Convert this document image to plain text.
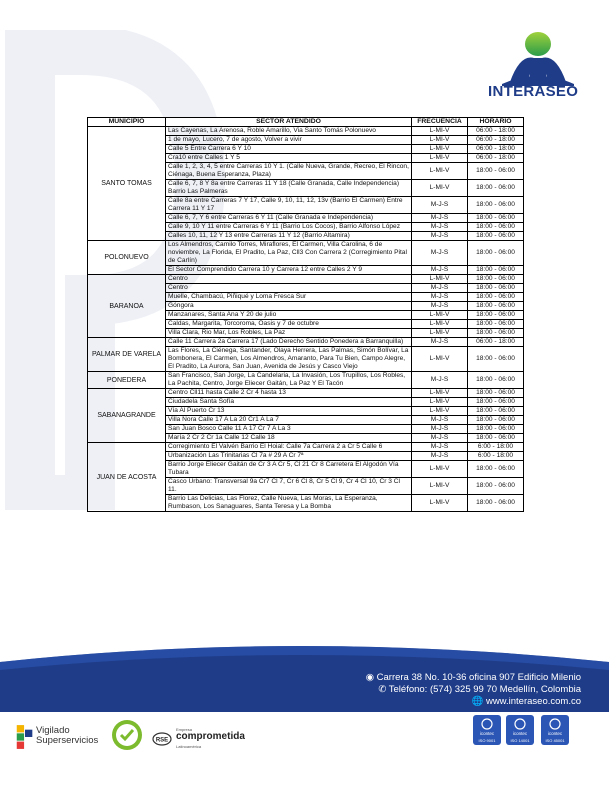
INTERASEO
MUNICIPIO	SECTOR ATENDIDO	FRECUENCIA	HORARIO
SANTO TOMAS	Las Cayenas, La Arenosa, Roble Amarillo, Via Santo Tomás Polonuevo	L-MI-V	06:00 - 18:00
	1 de mayo, Lucero, 7 de agosto, Volver a vivir	L-MI-V	06:00 - 18:00
	Calle 5 Entre Carrera 6 Y 10	L-MI-V	06:00 - 18:00
	Cra10 entre Calles 1 Y 5	L-MI-V	06:00 - 18:00
	Calle 1, 2, 3, 4, 5 entre Carreras 10 Y 1. (Calle Nueva, Grande, Recreo, El Rincon, Ciénaga, Buena Esperanza, Plaza)	L-MI-V	18:00 - 06:00
	Calle 6, 7, 8 Y 8a entre Carreras 11 Y 18 (Calle Granada, Calle Independencia) Barrio Las Palmeras	L-MI-V	18:00 - 06:00
	Calle 8a entre Carreras 7 Y 17, Calle 9, 10, 11, 12, 13v (Barrio El Carmen) Entre Carrera 11 Y 17	M-J-S	18:00 - 06:00
	Calle 6, 7, Y 6 entre Carreras 6 Y 11 (Calle Granada e Independencia)	M-J-S	18:00 - 06:00
	Calle 9, 10 Y 11 entre Carreras 6 Y 11 (Barrio Los Cocos), Barrio Alfonso López	M-J-S	18:00 - 06:00
	Calles 10, 11, 12 Y 13 entre Carreras 11 Y 12 (Barrio Altamira)	M-J-S	18:00 - 06:00
POLONUEVO	Los Almendros, Camilo Torres, Miraflores, El Carmen, Villa Carolina, 6 de noviembre, La Florida, El Pradito, La Paz, Cll3 Con Carrera 2 (Corregimiento Pital de Carlín)	M-J-S	18:00 - 06:00
	El Sector Comprendido Carrera 10 y Carrera 12 entre Calles 2 Y 9	M-J-S	18:00 - 06:00
BARANOA	Centro	L-MI-V	18:00 - 06:00
	Centro	M-J-S	18:00 - 06:00
	Muelle, Chambacú, Piñiqué y Loma Fresca Sur	M-J-S	18:00 - 06:00
	Góngora	M-J-S	18:00 - 06:00
	Manzanares, Santa Ana Y 20 de julio	L-MI-V	18:00 - 06:00
	Caldas, Margarita, Torcoroma, Oasis y 7 de octubre	L-MI-V	18:00 - 06:00
	Villa Clara, Rio Mar, Los Robles, La Paz	L-MI-V	18:00 - 06:00
PALMAR DE VARELA	Calle 11 Carrera 2a Carrera 17 (Lado Derecho Sentido Ponedera a Barranquilla)	M-J-S	06:00 - 18:00
	Las Flores, La Ciénega, Santander, Olaya Herrera, Las Palmas, Simón Bolívar, La Bombonera, El Carmen, Los Almendros, Amaranto, Para Tu Bien, Campo Alegre, El Pradito, La Aurora, San Juan, Avenida de Jesús y Casco Viejo	L-MI-V	18:00 - 06:00
PONEDERA	San Francisco, San Jorge, La Candelaria, La Invasión, Los Trupillos, Los Robles, La Pachita, Centro, Jorge Eliecer Gaitán, La Paz Y El Tacón	M-J-S	18:00 - 06:00
SABANAGRANDE	Centro Cll11 hasta Calle 2 Cr 4 hasta 13	L-MI-V	18:00 - 06:00
	Ciudadela Santa Sofía	L-MI-V	18:00 - 06:00
	Vía Al Puerto Cr 13	L-MI-V	18:00 - 06:00
	Villa Nora Calle 17 A La 20 Cr1 A La 7	M-J-S	18:00 - 06:00
	San Juan Bosco Calle 11 A 17 Cr 7 A La 3	M-J-S	18:00 - 06:00
	María 2 Cr 2 Cr 1a Calle 12 Calle 18	M-J-S	18:00 - 06:00
JUAN DE ACOSTA	Corregimiento El Valvén Barrio El Hoial: Calle 7a Carrera 2 a Cr 5 Calle 6	M-J-S	6:00 - 18:00
	Urbanización Las Trinitarias Cl 7a # 29 A Cr 7ª	M-J-S	6:00 - 18:00
	Barrio Jorge Eliecer Gaitán de Cr 3 A Cr 5, Cl 21 Cr 8 Carretera El Algodón Vía Tubara	L-MI-V	18:00 - 06:00
	Casco Urbano: Transversal 9a Cr7 Cl 7, Cr 6 Cl 8, Cr 5 Cl 9, Cr 4 Cl 10, Cr 3 Cl 11.	L-MI-V	18:00 - 06:00
	Barrio Las Delicias, Las Florez, Calle Nueva, Las Moras, La Esperanza, Rumbason, Los Sanaguares, Santa Teresa y La Bomba	L-MI-V	18:00 - 06:00
◉ Carrera 38 No. 10-36 oficina 907 Edificio Milenio
✆ Teléfono: (574) 325 99 70 Medellín, Colombia
🌐 www.interaseo.com.co
Vigilado
Superservicios	RSE
Empresa
comprometida
Latinoamérica
icontec
ISO 9001
icontec
ISO 14001
icontec
ISO 45001
